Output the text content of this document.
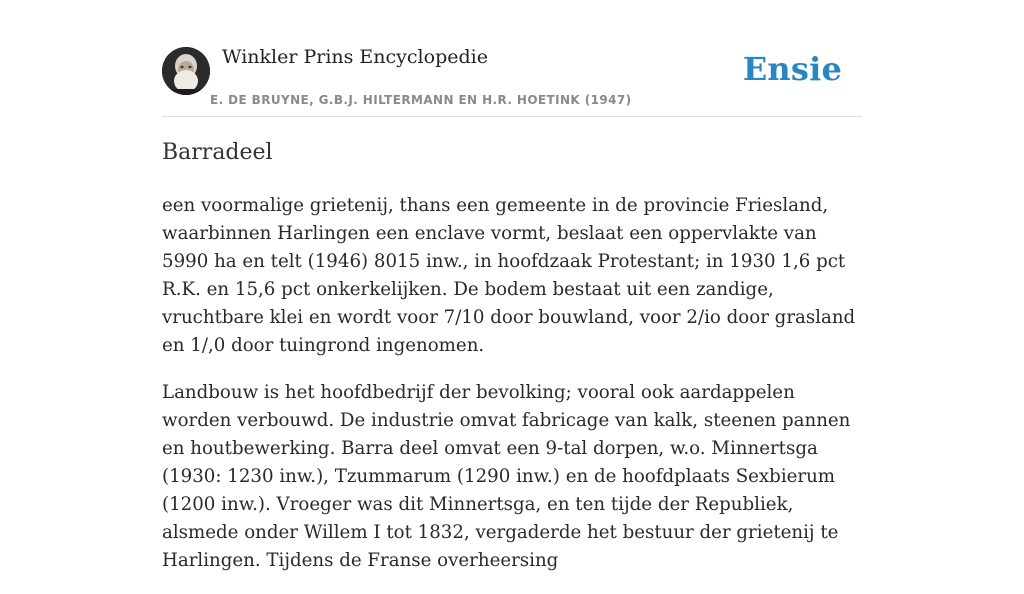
Winkler Prins Encyclopedie	Ensie
E. DE BRUYNE, G.B.J. HILTERMANN EN H.R. HOETINK (1947)
Barradeel

een voormalige grietenij, thans een gemeente in de provincie Friesland, waarbinnen Harlingen een enclave vormt, beslaat een oppervlakte van 5990 ha en telt (1946) 8015 inw., in hoofdzaak Protestant; in 1930 1,6 pct R.K. en 15,6 pct onkerkelijken. De bodem bestaat uit een zandige, vruchtbare klei en wordt voor 7/10 door bouwland, voor 2/io door grasland en 1/,0 door tuingrond ingenomen.

Landbouw is het hoofdbedrijf der bevolking; vooral ook aardappelen worden verbouwd. De industrie omvat fabricage van kalk, steenen pannen en houtbewerking. Barra deel omvat een 9-tal dorpen, w.o. Minnertsga (1930: 1230 inw.), Tzummarum (1290 inw.) en de hoofdplaats Sexbierum (1200 inw.). Vroeger was dit Minnertsga, en ten tijde der Republiek, alsmede onder Willem I tot 1832, vergaderde het bestuur der grietenij te Harlingen. Tijdens de Franse overheersing
